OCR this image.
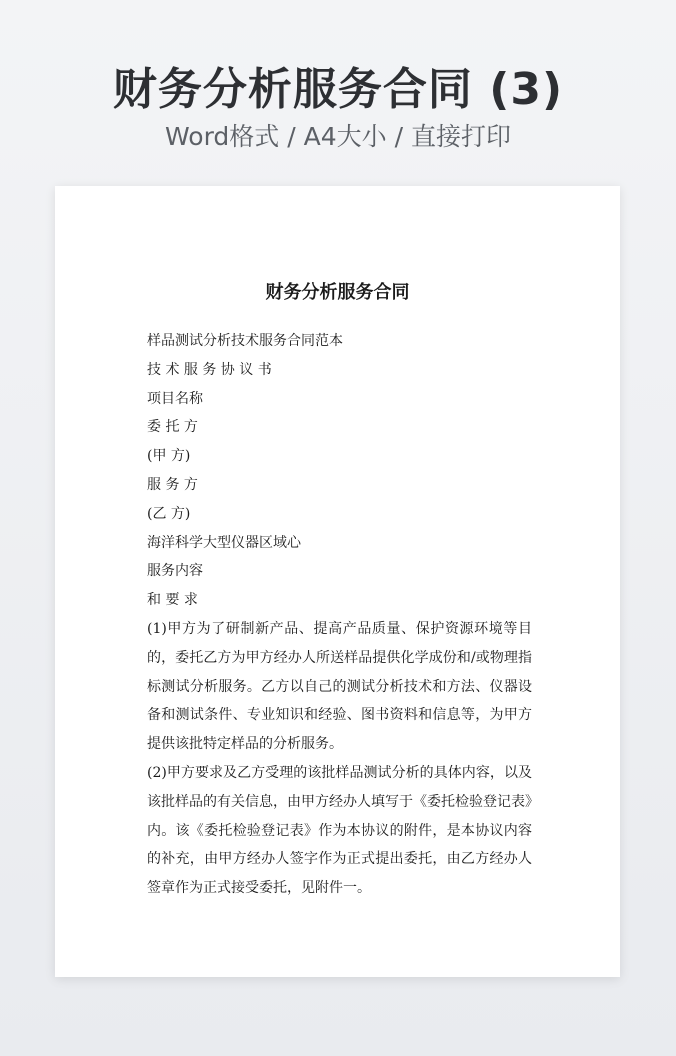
财务分析服务合同 (3)
Word格式 / A4大小 / 直接打印
财务分析服务合同
样品测试分析技术服务合同范本
技 术 服 务 协 议 书
项目名称
委 托 方
(甲 方)
服 务 方
(乙 方)
海洋科学大型仪器区域心
服务内容
和 要 求
(1)甲方为了研制新产品、提高产品质量、保护资源环境等目的，委托乙方为甲方经办人所送样品提供化学成份和/或物理指标测试分析服务。乙方以自己的测试分析技术和方法、仪器设备和测试条件、专业知识和经验、图书资料和信息等，为甲方提供该批特定样品的分析服务。
(2)甲方要求及乙方受理的该批样品测试分析的具体内容，以及该批样品的有关信息，由甲方经办人填写于《委托检验登记表》内。该《委托检验登记表》作为本协议的附件，是本协议内容的补充，由甲方经办人签字作为正式提出委托，由乙方经办人签章作为正式接受委托，见附件一。
